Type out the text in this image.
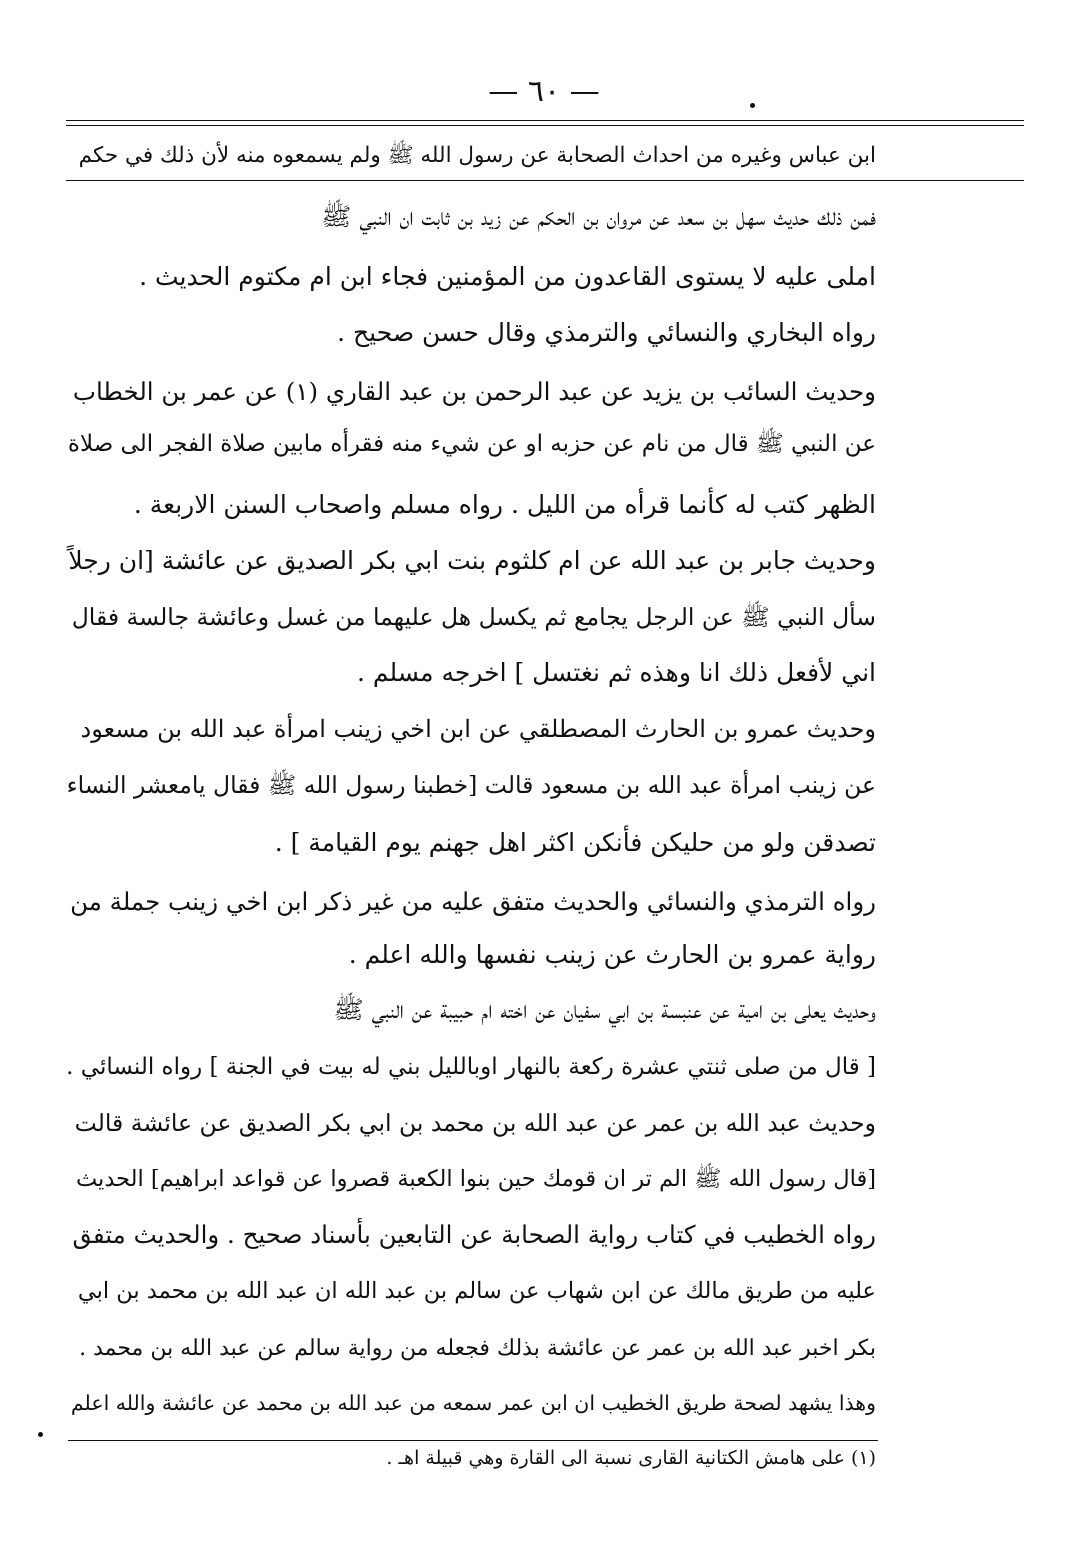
— ٦٠ —
ابن عباس وغيره من احداث الصحابة عن رسول الله ﷺ ولم يسمعوه منه لأن ذلك في حكم
فمن ذلك حديث سهل بن سعد عن مروان بن الحكم عن زيد بن ثابت ان النبي ﷺ
املى عليه لا يستوى القاعدون من المؤمنين فجاء ابن ام مكتوم الحديث .
رواه البخاري والنسائي والترمذي وقال حسن صحيح .
وحديث السائب بن يزيد عن عبد الرحمن بن عبد القاري (١) عن عمر بن الخطاب
عن النبي ﷺ قال من نام عن حزبه او عن شيء منه فقرأه مابين صلاة الفجر الى صلاة
الظهر كتب له كأنما قرأه من الليل . رواه مسلم واصحاب السنن الاربعة .
وحديث جابر بن عبد الله عن ام كلثوم بنت ابي بكر الصديق عن عائشة [ان رجلاً
سأل النبي ﷺ عن الرجل يجامع ثم يكسل هل عليهما من غسل وعائشة جالسة فقال
اني لأفعل ذلك انا وهذه ثم نغتسل ] اخرجه مسلم .
وحديث عمرو بن الحارث المصطلقي عن ابن اخي زينب امرأة عبد الله بن مسعود
عن زينب امرأة عبد الله بن مسعود قالت [خطبنا رسول الله ﷺ فقال يامعشر النساء
تصدقن ولو من حليكن فأنكن اكثر اهل جهنم يوم القيامة ] .
رواه الترمذي والنسائي والحديث متفق عليه من غير ذكر ابن اخي زينب جملة من
رواية عمرو بن الحارث عن زينب نفسها والله اعلم .
وحديث يعلى بن امية عن عنبسة بن ابي سفيان عن اخته ام حبيبة عن النبي ﷺ
[ قال من صلى ثنتي عشرة ركعة بالنهار اوبالليل بني له بيت في الجنة ] رواه النسائي .
وحديث عبد الله بن عمر عن عبد الله بن محمد بن ابي بكر الصديق عن عائشة قالت
[قال رسول الله ﷺ الم تر ان قومك حين بنوا الكعبة قصروا عن قواعد ابراهيم] الحديث
رواه الخطيب في كتاب رواية الصحابة عن التابعين بأسناد صحيح . والحديث متفق
عليه من طريق مالك عن ابن شهاب عن سالم بن عبد الله ان عبد الله بن محمد بن ابي
بكر اخبر عبد الله بن عمر عن عائشة بذلك فجعله من رواية سالم عن عبد الله بن محمد .
وهذا يشهد لصحة طريق الخطيب ان ابن عمر سمعه من عبد الله بن محمد عن عائشة والله اعلم
(١) على هامش الكتانية القارى نسبة الى القارة وهي قبيلة اهـ .
